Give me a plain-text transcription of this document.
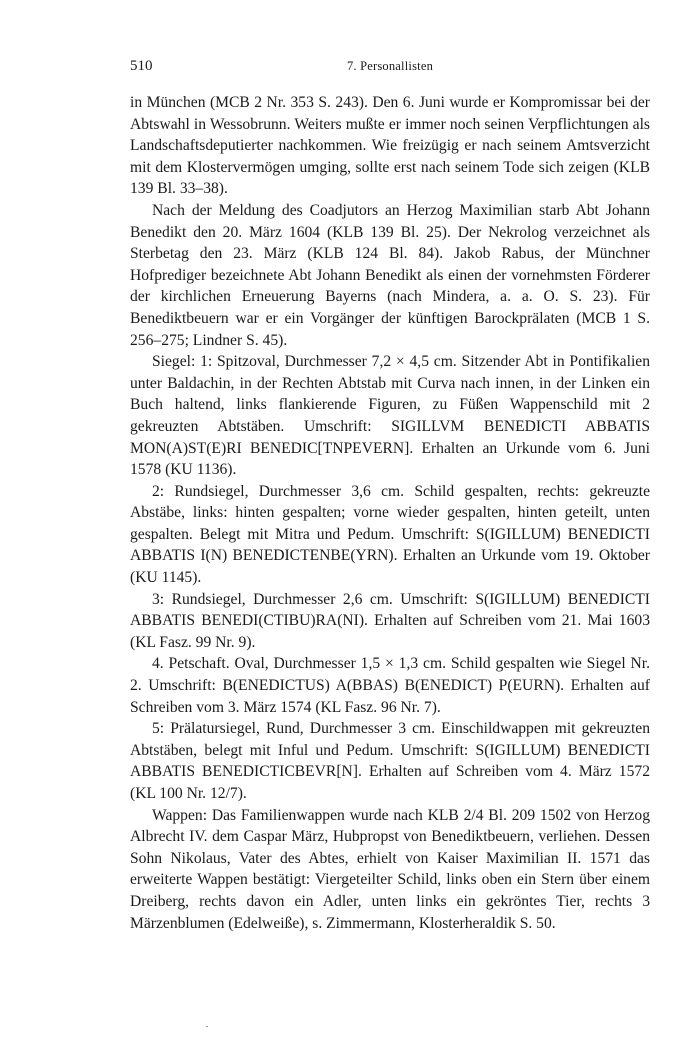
510	7. Personallisten

in München (MCB 2 Nr. 353 S. 243). Den 6. Juni wurde er Kompromissar bei der Abtswahl in Wessobrunn. Weiters mußte er immer noch seinen Verpflichtungen als Landschaftsdeputierter nachkommen. Wie freizügig er nach seinem Amtsverzicht mit dem Klostervermögen umging, sollte erst nach seinem Tode sich zeigen (KLB 139 Bl. 33–38).

Nach der Meldung des Coadjutors an Herzog Maximilian starb Abt Johann Benedikt den 20. März 1604 (KLB 139 Bl. 25). Der Nekrolog verzeichnet als Sterbetag den 23. März (KLB 124 Bl. 84). Jakob Rabus, der Münchner Hofprediger bezeichnete Abt Johann Benedikt als einen der vornehmsten Förderer der kirchlichen Erneuerung Bayerns (nach Mindera, a. a. O. S. 23). Für Benediktbeuern war er ein Vorgänger der künftigen Barockprälaten (MCB 1 S. 256–275; Lindner S. 45).

Siegel: 1: Spitzoval, Durchmesser 7,2 × 4,5 cm. Sitzender Abt in Pontifikalien unter Baldachin, in der Rechten Abtstab mit Curva nach innen, in der Linken ein Buch haltend, links flankierende Figuren, zu Füßen Wappenschild mit 2 gekreuzten Abtstäben. Umschrift: SIGILLVM BENEDICTI ABBATIS MON(A)ST(E)RI BENEDIC[TNPEVERN]. Erhalten an Urkunde vom 6. Juni 1578 (KU 1136).

2: Rundsiegel, Durchmesser 3,6 cm. Schild gespalten, rechts: gekreuzte Abstäbe, links: hinten gespalten; vorne wieder gespalten, hinten geteilt, unten gespalten. Belegt mit Mitra und Pedum. Umschrift: S(IGILLUM) BENEDICTI ABBATIS I(N) BENEDICTENBE(YRN). Erhalten an Urkunde vom 19. Oktober (KU 1145).

3: Rundsiegel, Durchmesser 2,6 cm. Umschrift: S(IGILLUM) BENEDICTI ABBATIS BENEDI(CTIBU)RA(NI). Erhalten auf Schreiben vom 21. Mai 1603 (KL Fasz. 99 Nr. 9).

4. Petschaft. Oval, Durchmesser 1,5 × 1,3 cm. Schild gespalten wie Siegel Nr. 2. Umschrift: B(ENEDICTUS) A(BBAS) B(ENEDICT) P(EURN). Erhalten auf Schreiben vom 3. März 1574 (KL Fasz. 96 Nr. 7).

5: Prälatursiegel, Rund, Durchmesser 3 cm. Einschildwappen mit gekreuzten Abtstäben, belegt mit Inful und Pedum. Umschrift: S(IGILLUM) BENEDICTI ABBATIS BENEDICTICBEVR[N]. Erhalten auf Schreiben vom 4. März 1572 (KL 100 Nr. 12/7).

Wappen: Das Familienwappen wurde nach KLB 2/4 Bl. 209 1502 von Herzog Albrecht IV. dem Caspar März, Hubpropst von Benediktbeuern, verliehen. Dessen Sohn Nikolaus, Vater des Abtes, erhielt von Kaiser Maximilian II. 1571 das erweiterte Wappen bestätigt: Viergeteilter Schild, links oben ein Stern über einem Dreiberg, rechts davon ein Adler, unten links ein gekröntes Tier, rechts 3 Märzenblumen (Edelweiße), s. Zimmermann, Klosterheraldik S. 50.
